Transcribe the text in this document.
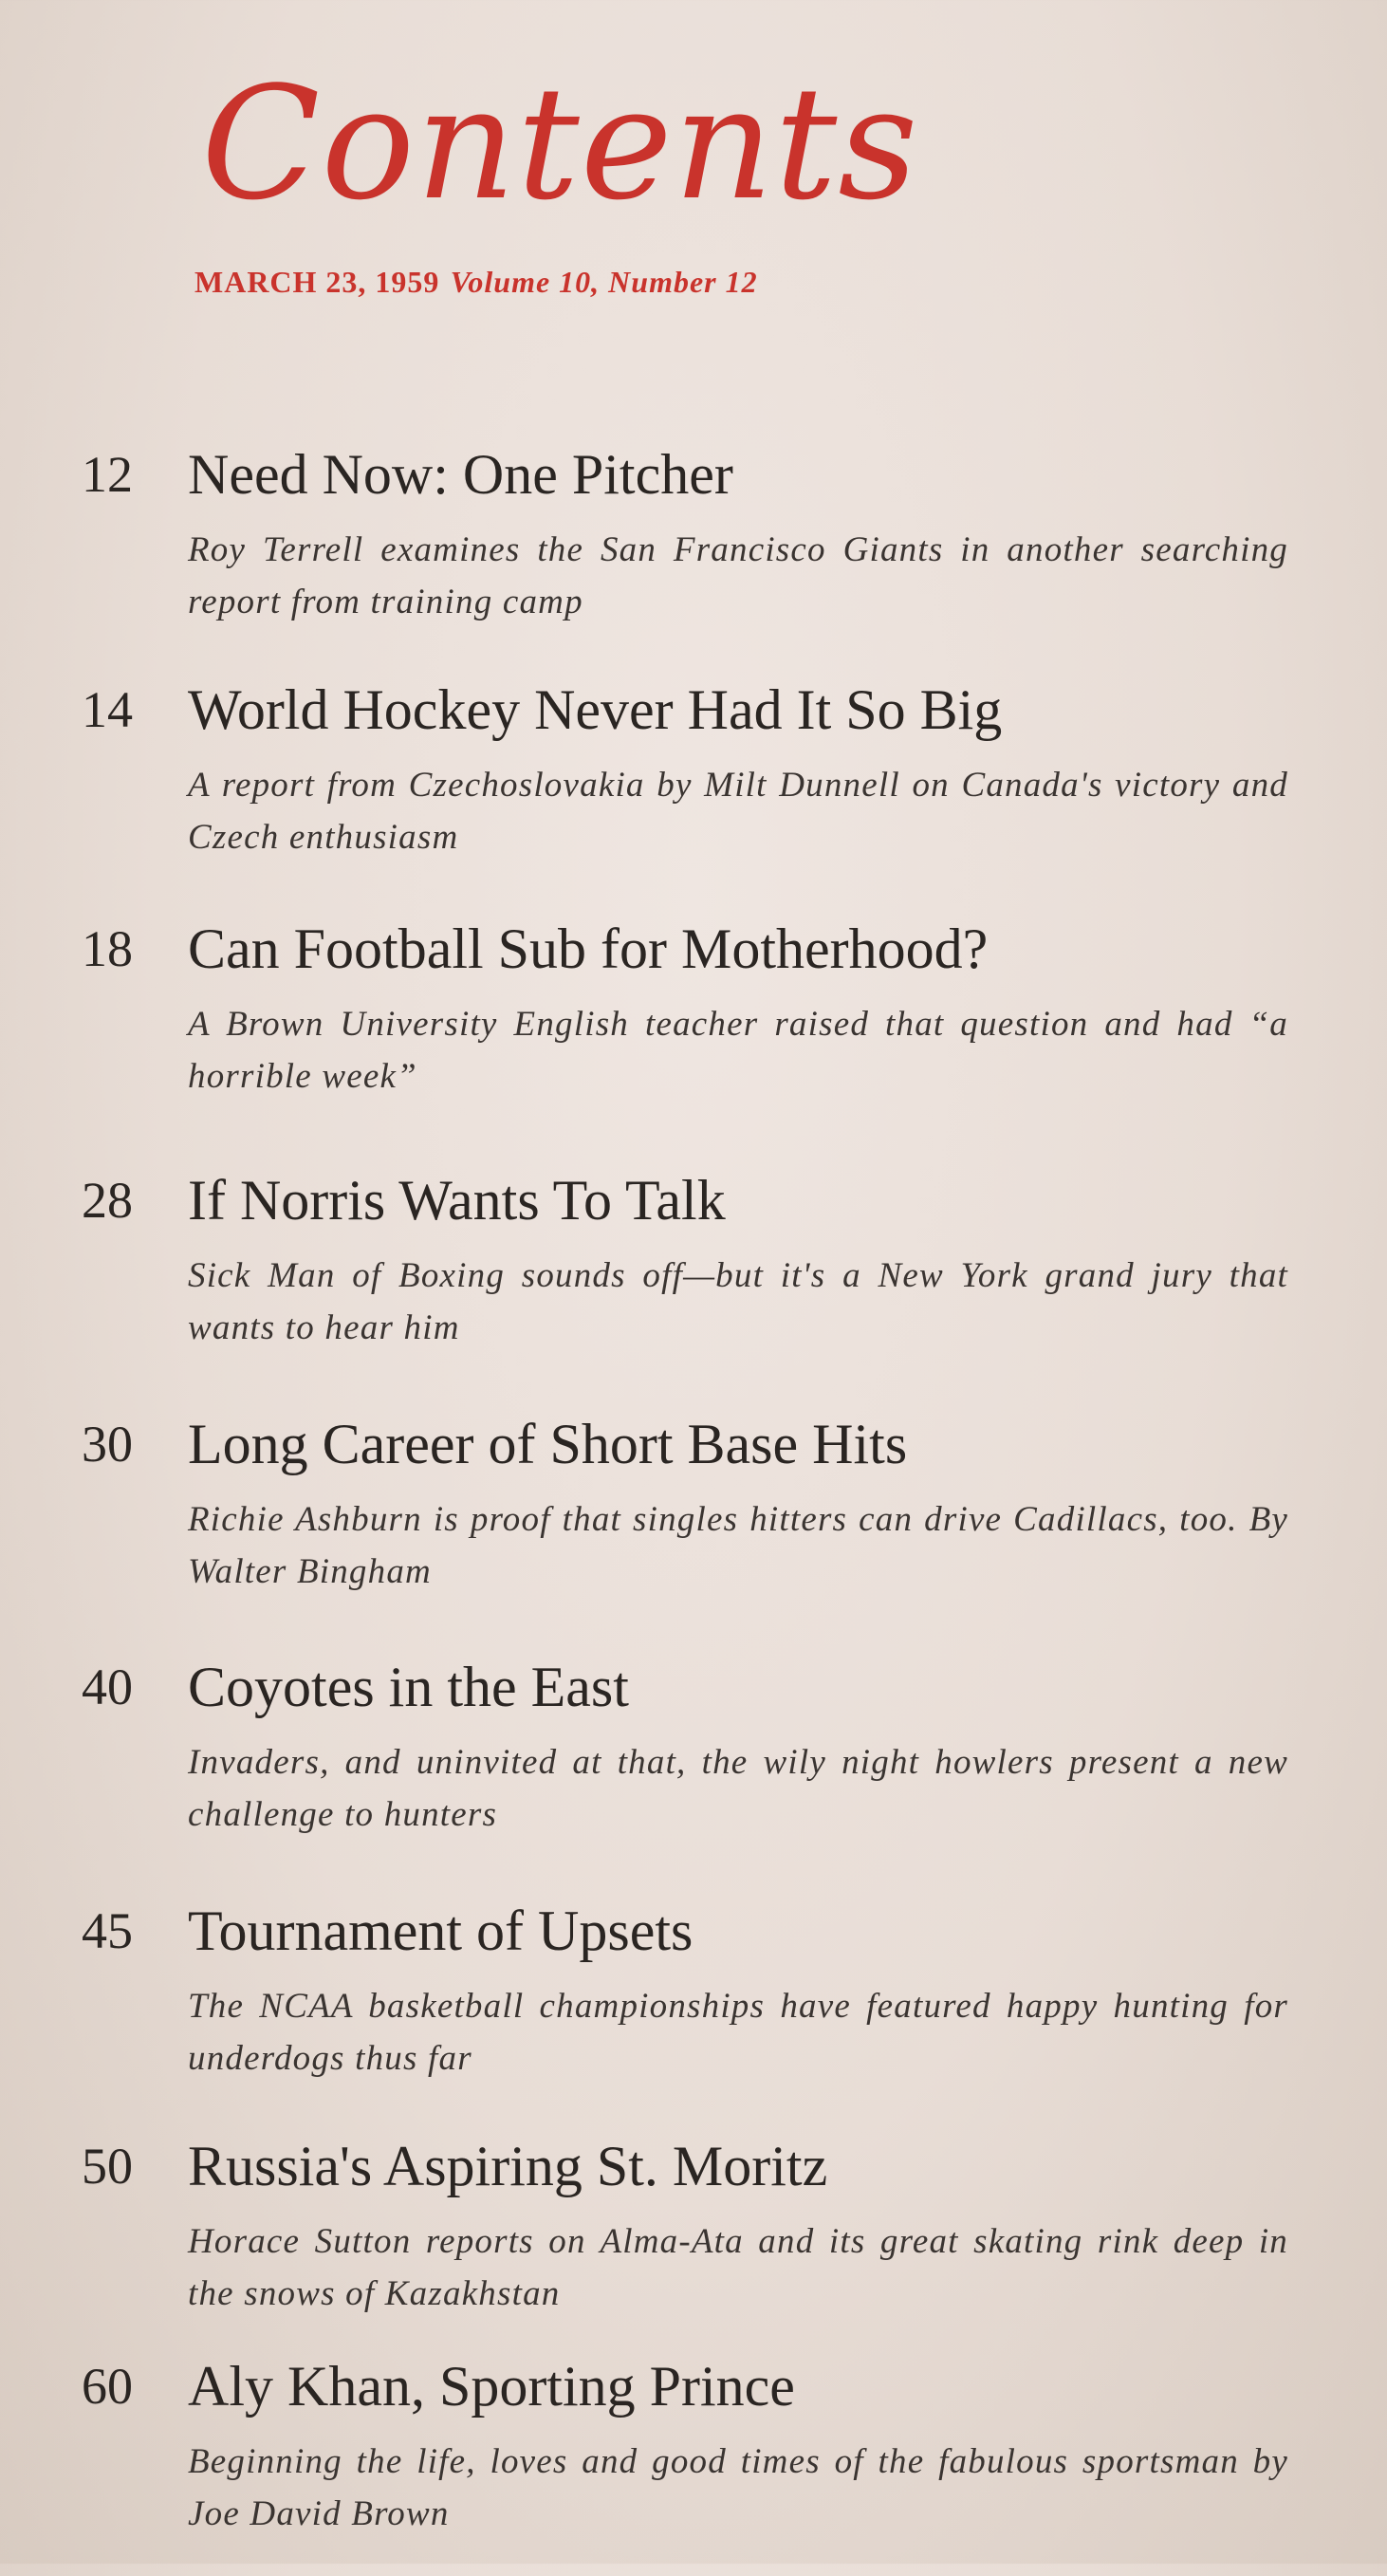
Contents
MARCH 23, 1959 Volume 10, Number 12
12 Need Now: One Pitcher
Roy Terrell examines the San Francisco Giants in another searching report from training camp
14 World Hockey Never Had It So Big
A report from Czechoslovakia by Milt Dunnell on Canada's victory and Czech enthusiasm
18 Can Football Sub for Motherhood?
A Brown University English teacher raised that question and had “a horrible week”
28 If Norris Wants To Talk
Sick Man of Boxing sounds off—but it's a New York grand jury that wants to hear him
30 Long Career of Short Base Hits
Richie Ashburn is proof that singles hitters can drive Cadillacs, too. By Walter Bingham
40 Coyotes in the East
Invaders, and uninvited at that, the wily night howlers present a new challenge to hunters
45 Tournament of Upsets
The NCAA basketball championships have featured happy hunting for underdogs thus far
50 Russia's Aspiring St. Moritz
Horace Sutton reports on Alma-Ata and its great skating rink deep in the snows of Kazakhstan
60 Aly Khan, Sporting Prince
Beginning the life, loves and good times of the fabulous sportsman by Joe David Brown
